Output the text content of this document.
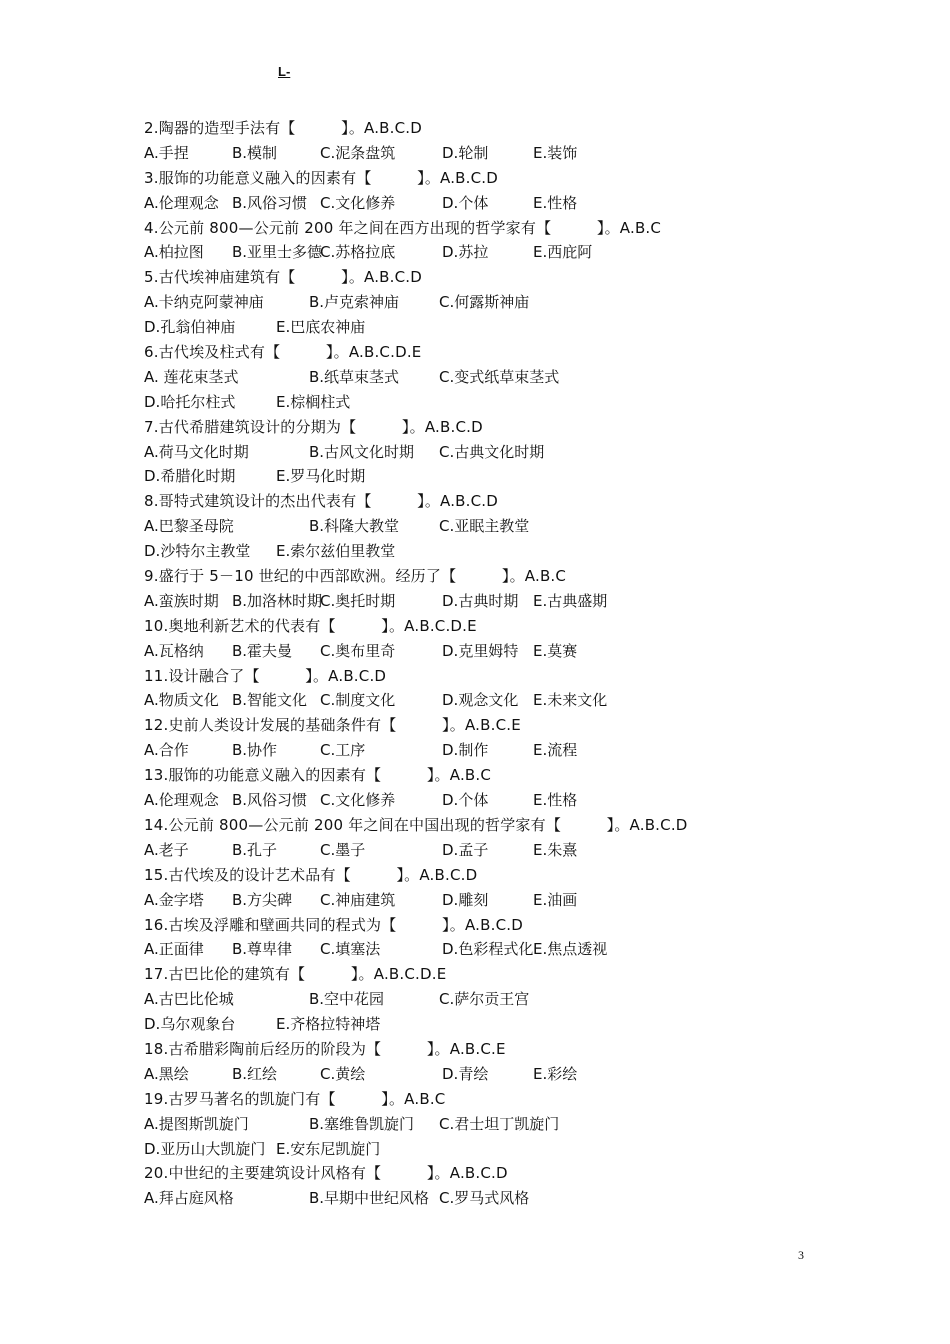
L-
2.陶器的造型手法有【　　　】。A.B.C.D
A.手捏	B.模制	C.泥条盘筑	D.轮制	E.装饰
3.服饰的功能意义融入的因素有【　　　】。A.B.C.D
A.伦理观念 B.风俗习惯 C.文化修养	D.个体	E.性格
4.公元前 800—公元前 200 年之间在西方出现的哲学家有【　　　】。A.B.C
A.柏拉图 B.亚里士多德
C.苏格拉底	D.苏拉	E.西庇阿
5.古代埃神庙建筑有【　　　】。A.B.C.D
A.卡纳克阿蒙神庙	B.卢克索神庙	C.何露斯神庙
D.孔翁伯神庙	E.巴底农神庙
6.古代埃及柱式有【　　　】。A.B.C.D.E
A. 莲花束茎式	B.纸草束茎式	C.变式纸草束茎式
D.哈托尔柱式	E.棕榈柱式
7.古代希腊建筑设计的分期为【　　　】。A.B.C.D
A.荷马文化时期	B.古风文化时期 C.古典文化时期
D.希腊化时期	E.罗马化时期
8.哥特式建筑设计的杰出代表有【　　　】。A.B.C.D
A.巴黎圣母院	B.科隆大教堂	C.亚眠主教堂
D.沙特尔主教堂 E.索尔兹伯里教堂
9.盛行于 5－10 世纪的中西部欧洲。经历了【　　　】。A.B.C
A.蛮族时期 B.加洛林时期
C.奥托时期	D.古典时期 E.古典盛期
10.奥地利新艺术的代表有【　　　】。A.B.C.D.E
A.瓦格纳 B.霍夫曼 C.奥布里奇	D.克里姆特 E.莫赛
11.设计融合了【　　　】。A.B.C.D
A.物质文化 B.智能文化 C.制度文化	D.观念文化 E.未来文化
12.史前人类设计发展的基础条件有【　　　】。A.B.C.E
A.合作	B.协作	C.工序	D.制作	E.流程
13.服饰的功能意义融入的因素有【　　　】。A.B.C
A.伦理观念 B.风俗习惯 C.文化修养	D.个体	E.性格
14.公元前 800—公元前 200 年之间在中国出现的哲学家有【　　　】。A.B.C.D
A.老子	B.孔子	C.墨子	D.孟子	E.朱熹
15.古代埃及的设计艺术品有【　　　】。A.B.C.D
A.金字塔 B.方尖碑 C.神庙建筑	D.雕刻	E.油画
16.古埃及浮雕和壁画共同的程式为【　　　】。A.B.C.D
A.正面律 B.尊卑律 C.填塞法	D.色彩程式化 E.焦点透视
17.古巴比伦的建筑有【　　　】。A.B.C.D.E
A.古巴比伦城	B.空中花园	C.萨尔贡王宫
D.乌尔观象台	E.齐格拉特神塔
18.古希腊彩陶前后经历的阶段为【　　　】。A.B.C.E
A.黑绘	B.红绘	C.黄绘	D.青绘	E.彩绘
19.古罗马著名的凯旋门有【　　　】。A.B.C
A.提图斯凯旋门	B.塞维鲁凯旋门 C.君士坦丁凯旋门
D.亚历山大凯旋门 E.安东尼凯旋门
20.中世纪的主要建筑设计风格有【　　　】。A.B.C.D
A.拜占庭风格	B.早期中世纪风格 C.罗马式风格
3
